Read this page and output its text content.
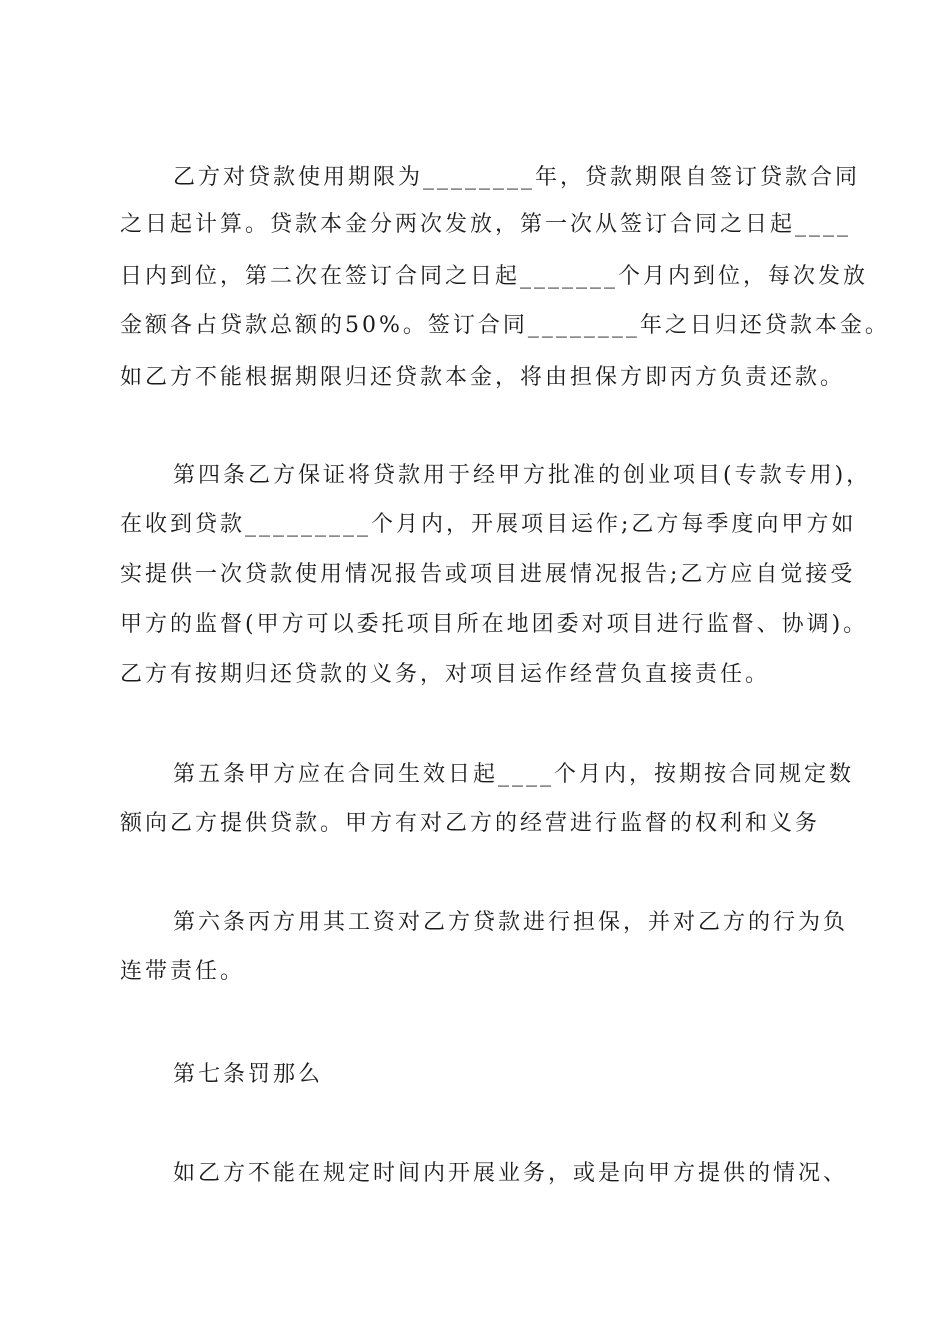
乙方对贷款使用期限为________年，贷款期限自签订贷款合同
之日起计算。贷款本金分两次发放，第一次从签订合同之日起____
日内到位，第二次在签订合同之日起_______个月内到位，每次发放
金额各占贷款总额的50%。签订合同________年之日归还贷款本金。
如乙方不能根据期限归还贷款本金，将由担保方即丙方负责还款。
第四条乙方保证将贷款用于经甲方批准的创业项目(专款专用)，
在收到贷款_________个月内，开展项目运作;乙方每季度向甲方如
实提供一次贷款使用情况报告或项目进展情况报告;乙方应自觉接受
甲方的监督(甲方可以委托项目所在地团委对项目进行监督、协调)。
乙方有按期归还贷款的义务，对项目运作经营负直接责任。
第五条甲方应在合同生效日起____个月内，按期按合同规定数
额向乙方提供贷款。甲方有对乙方的经营进行监督的权利和义务
第六条丙方用其工资对乙方贷款进行担保，并对乙方的行为负
连带责任。
第七条罚那么
如乙方不能在规定时间内开展业务，或是向甲方提供的情况、
